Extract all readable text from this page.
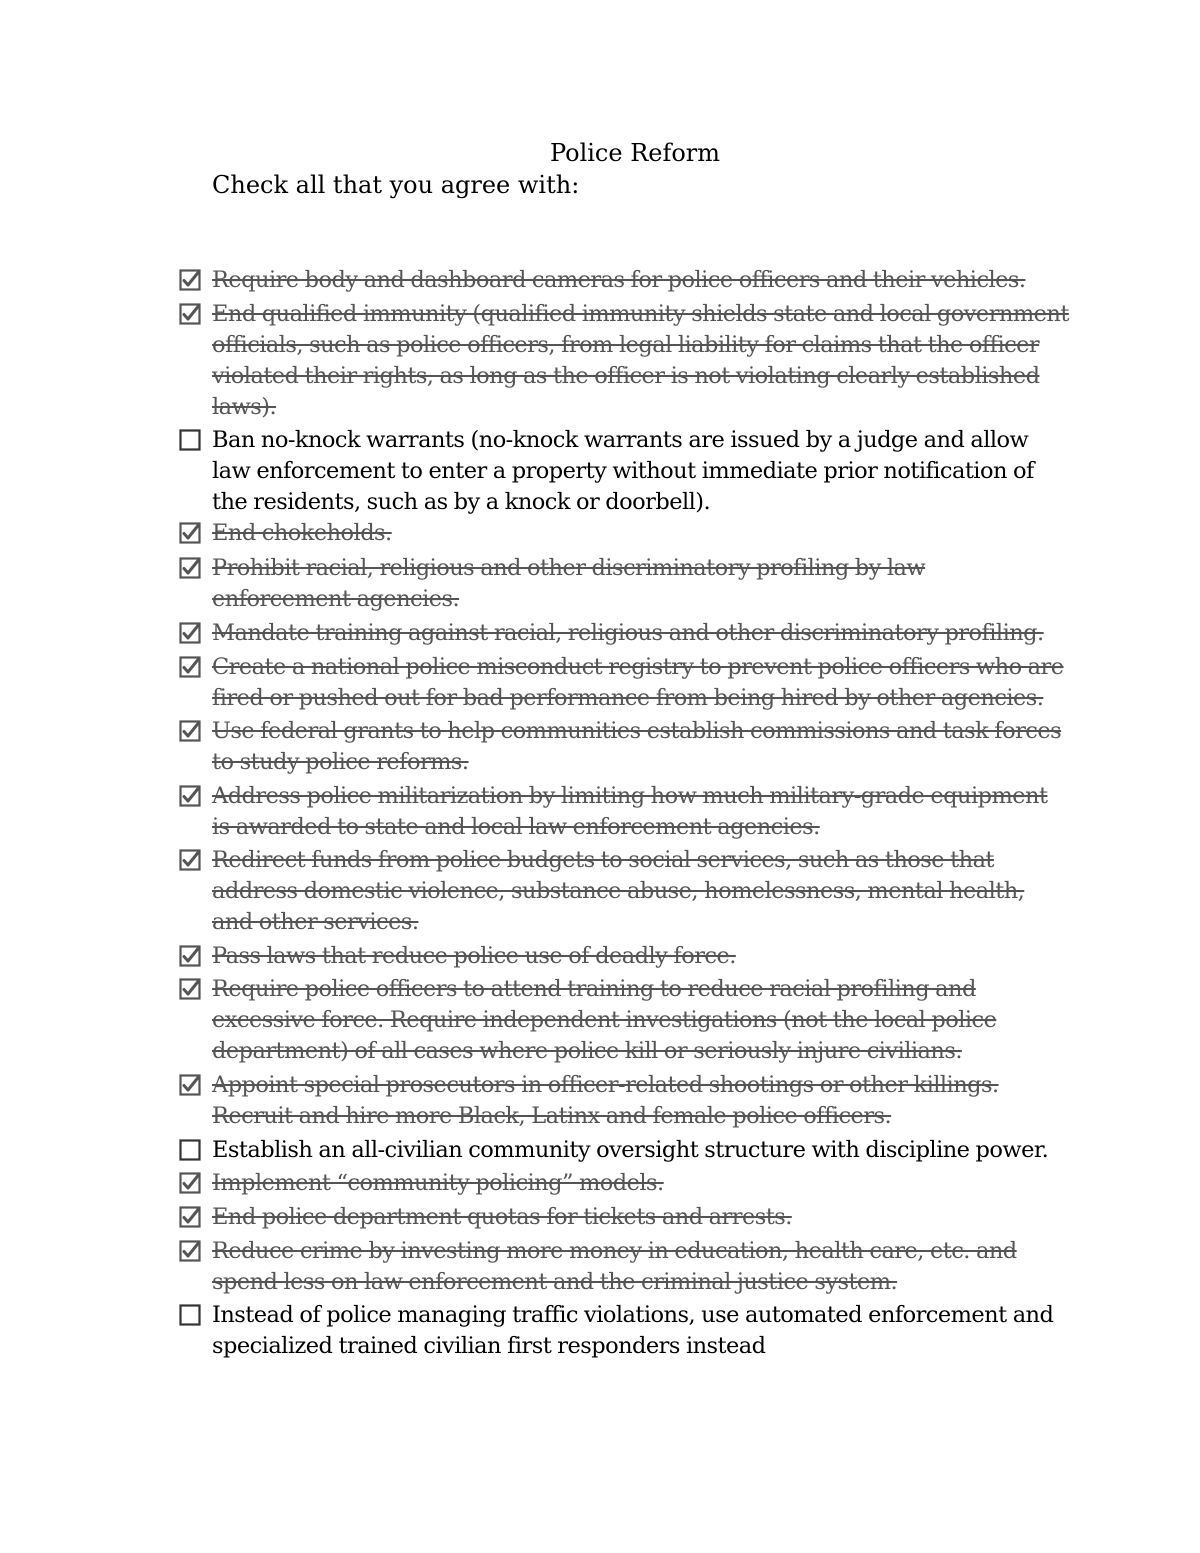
Police Reform
Check all that you agree with:
Require body and dashboard cameras for police officers and their vehicles.
End qualified immunity (qualified immunity shields state and local government officials, such as police officers, from legal liability for claims that the officer violated their rights, as long as the officer is not violating clearly established laws).
Ban no-knock warrants (no-knock warrants are issued by a judge and allow law enforcement to enter a property without immediate prior notification of the residents, such as by a knock or doorbell).
End chokeholds.
Prohibit racial, religious and other discriminatory profiling by law enforcement agencies.
Mandate training against racial, religious and other discriminatory profiling.
Create a national police misconduct registry to prevent police officers who are fired or pushed out for bad performance from being hired by other agencies.
Use federal grants to help communities establish commissions and task forces to study police reforms.
Address police militarization by limiting how much military-grade equipment is awarded to state and local law enforcement agencies.
Redirect funds from police budgets to social services, such as those that address domestic violence, substance abuse, homelessness, mental health, and other services.
Pass laws that reduce police use of deadly force.
Require police officers to attend training to reduce racial profiling and excessive force. Require independent investigations (not the local police department) of all cases where police kill or seriously injure civilians.
Appoint special prosecutors in officer-related shootings or other killings. Recruit and hire more Black, Latinx and female police officers.
Establish an all-civilian community oversight structure with discipline power.
Implement “community policing” models.
End police department quotas for tickets and arrests.
Reduce crime by investing more money in education, health care, etc. and spend less on law enforcement and the criminal justice system.
Instead of police managing traffic violations, use automated enforcement and specialized trained civilian first responders instead
